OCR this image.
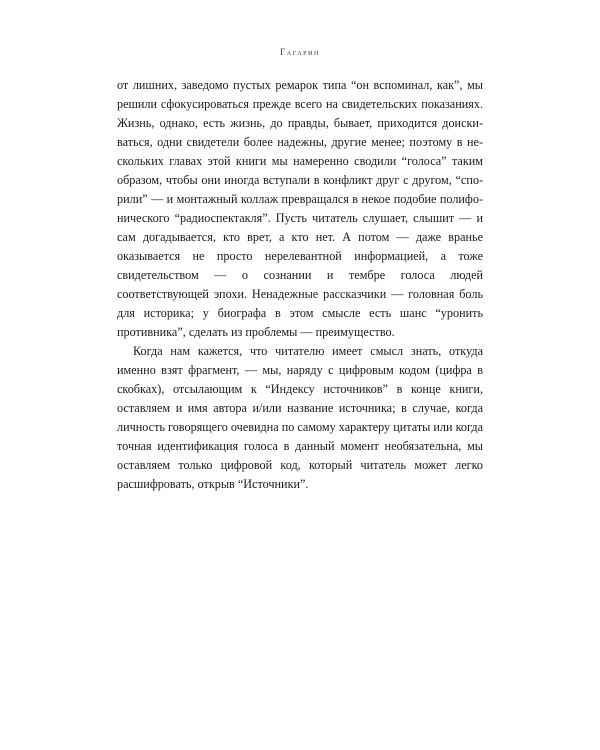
Гагарин

от лишних, заведомо пустых ремарок типа “он вспоминал, как”, мы решили сфокусироваться прежде всего на свидетельских показаниях. Жизнь, однако, есть жизнь, до правды, бывает, приходится доискиваться, одни свидетели более надежны, другие менее; поэтому в нескольких главах этой книги мы намеренно сводили “голоса” таким образом, чтобы они иногда вступали в конфликт друг с другом, “спорили” — и монтажный коллаж превращался в некое подобие полифонического “радиоспектакля”. Пусть читатель слушает, слышит — и сам догадывается, кто врет, а кто нет. А потом — даже вранье оказывается не просто нерелевантной информацией, а тоже свидетельством — о сознании и тембре голоса людей соответствующей эпохи. Ненадежные рассказчики — головная боль для историка; у биографа в этом смысле есть шанс “уронить противника”, сделать из проблемы — преимущество.

Когда нам кажется, что читателю имеет смысл знать, откуда именно взят фрагмент, — мы, наряду с цифровым кодом (цифра в скобках), отсылающим к “Индексу источников” в конце книги, оставляем и имя автора и/или название источника; в случае, когда личность говорящего очевидна по самому характеру цитаты или когда точная идентификация голоса в данный момент необязательна, мы оставляем только цифровой код, который читатель может легко расшифровать, открыв “Источники”.
